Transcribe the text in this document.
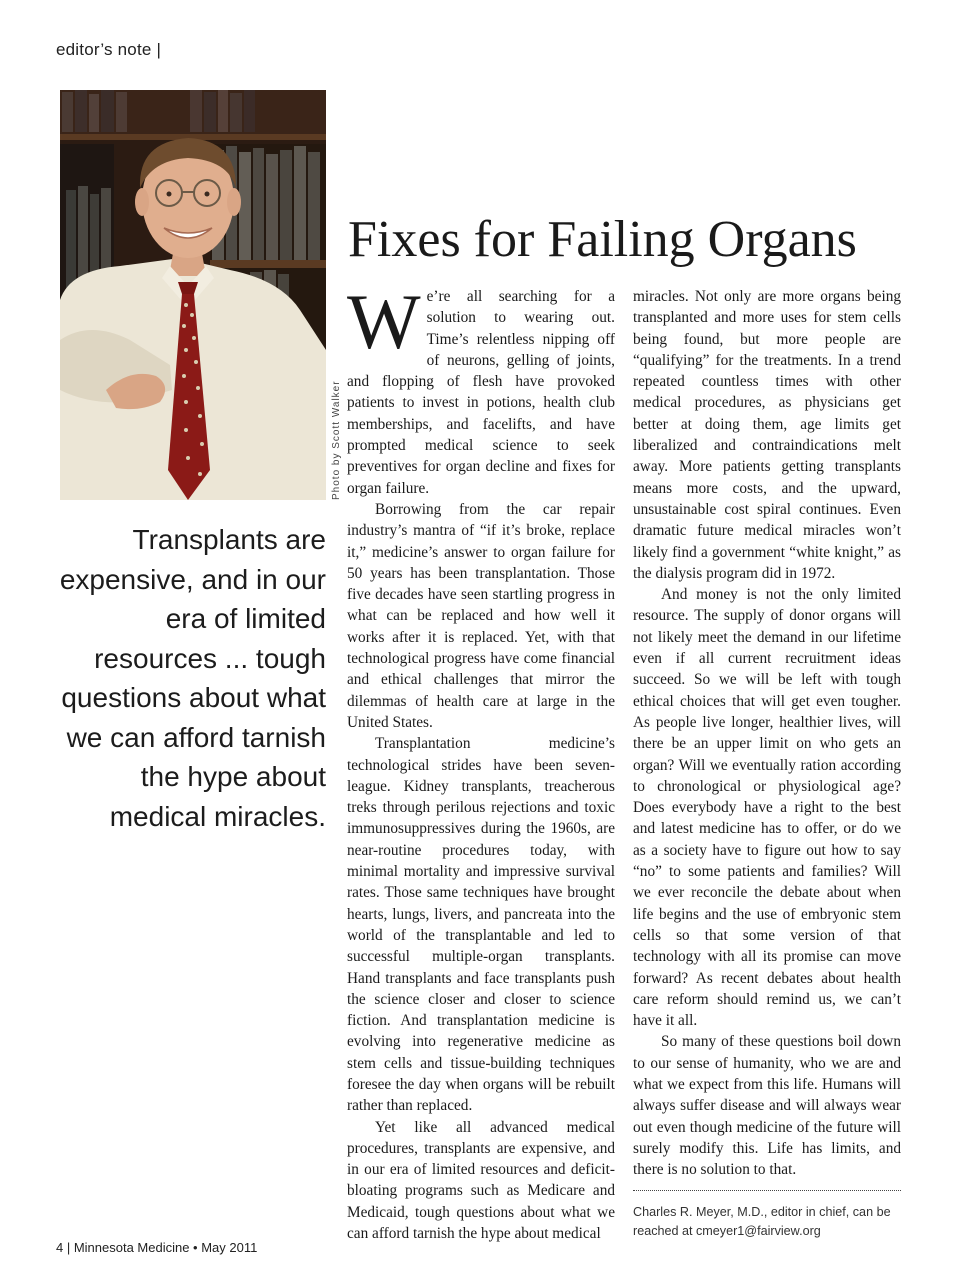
editor’s note |
Photo by Scott Walker
Transplants are expensive, and in our era of limited resources ... tough questions about what we can afford tarnish the hype about medical miracles.
Fixes for Failing Organs

We’re all searching for a solution to wearing out. Time’s relentless nipping off of neurons, gelling of joints, and flopping of flesh have provoked patients to invest in potions, health club memberships, and facelifts, and have prompted medical science to seek preventives for organ decline and fixes for organ failure.

Borrowing from the car repair industry’s mantra of “if it’s broke, replace it,” medicine’s answer to organ failure for 50 years has been transplantation. Those five decades have seen startling progress in what can be replaced and how well it works after it is replaced. Yet, with that technological progress have come financial and ethical challenges that mirror the dilemmas of health care at large in the United States.

Transplantation medicine’s technological strides have been seven-league. Kidney transplants, treacherous treks through perilous rejections and toxic immunosuppressives during the 1960s, are near-routine procedures today, with minimal mortality and impressive survival rates. Those same techniques have brought hearts, lungs, livers, and pancreata into the world of the transplantable and led to successful multiple-organ transplants. Hand transplants and face transplants push the science closer and closer to science fiction. And transplantation medicine is evolving into regenerative medicine as stem cells and tissue-building techniques foresee the day when organs will be rebuilt rather than replaced.

Yet like all advanced medical procedures, transplants are expensive, and in our era of limited resources and deficit-bloating programs such as Medicare and Medicaid, tough questions about what we can afford tarnish the hype about medical

miracles. Not only are more organs being transplanted and more uses for stem cells being found, but more people are “qualifying” for the treatments. In a trend repeated countless times with other medical procedures, as physicians get better at doing them, age limits get liberalized and contraindications melt away. More patients getting transplants means more costs, and the upward, unsustainable cost spiral continues. Even dramatic future medical miracles won’t likely find a government “white knight,” as the dialysis program did in 1972.

And money is not the only limited resource. The supply of donor organs will not likely meet the demand in our lifetime even if all current recruitment ideas succeed. So we will be left with tough ethical choices that will get even tougher. As people live longer, healthier lives, will there be an upper limit on who gets an organ? Will we eventually ration according to chronological or physiological age? Does everybody have a right to the best and latest medicine has to offer, or do we as a society have to figure out how to say “no” to some patients and families? Will we ever reconcile the debate about when life begins and the use of embryonic stem cells so that some version of that technology with all its promise can move forward? As recent debates about health care reform should remind us, we can’t have it all.

So many of these questions boil down to our sense of humanity, who we are and what we expect from this life. Humans will always suffer disease and will always wear out even though medicine of the future will surely modify this. Life has limits, and there is no solution to that.

Charles R. Meyer, M.D., editor in chief, can be reached at cmeyer1@fairview.org
4 | Minnesota Medicine • May 2011
